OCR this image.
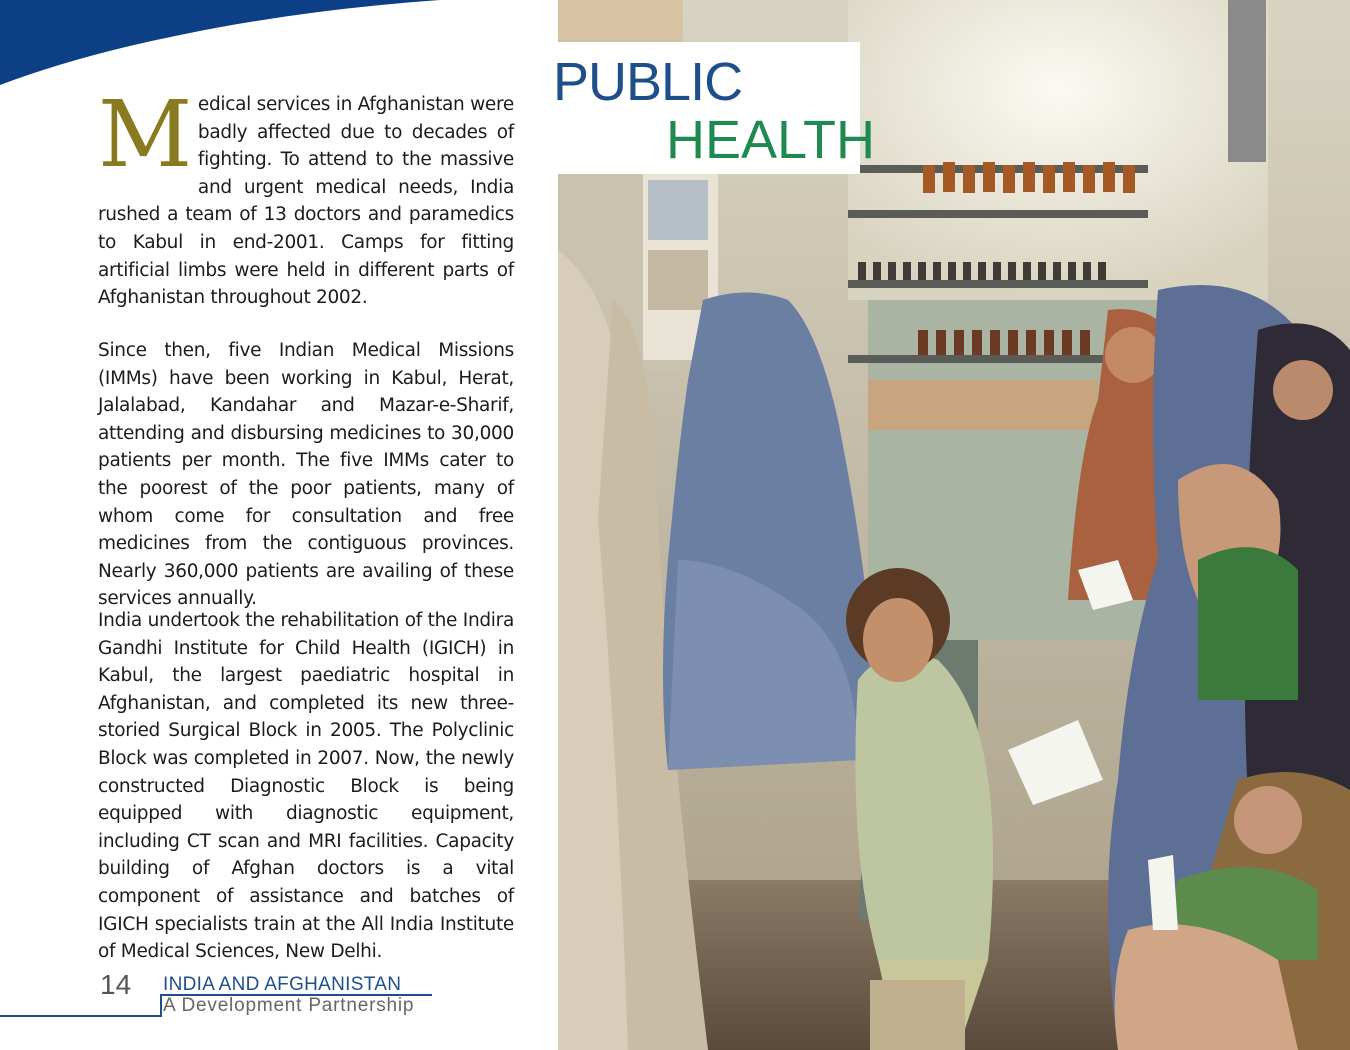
Medical services in Afghanistan were badly affected due to decades of fighting. To attend to the massive and urgent medical needs, India rushed a team of 13 doctors and paramedics to Kabul in end-2001. Camps for fitting artificial limbs were held in different parts of Afghanistan throughout 2002.

Since then, five Indian Medical Missions (IMMs) have been working in Kabul, Herat, Jalalabad, Kandahar and Mazar-e-Sharif, attending and disbursing medicines to 30,000 patients per month. The five IMMs cater to the poorest of the poor patients, many of whom come for consultation and free medicines from the contiguous provinces. Nearly 360,000 patients are availing of these services annually.

India undertook the rehabilitation of the Indira Gandhi Institute for Child Health (IGICH) in Kabul, the largest paediatric hospital in Afghanistan, and completed its new three-storied Surgical Block in 2005. The Polyclinic Block was completed in 2007. Now, the newly constructed Diagnostic Block is being equipped with diagnostic equipment, including CT scan and MRI facilities. Capacity building of Afghan doctors is a vital component of assistance and batches of IGICH specialists train at the All India Institute of Medical Sciences, New Delhi.

14 INDIA AND AFGHANISTAN
A Development Partnership
PUBLIC
HEALTH
